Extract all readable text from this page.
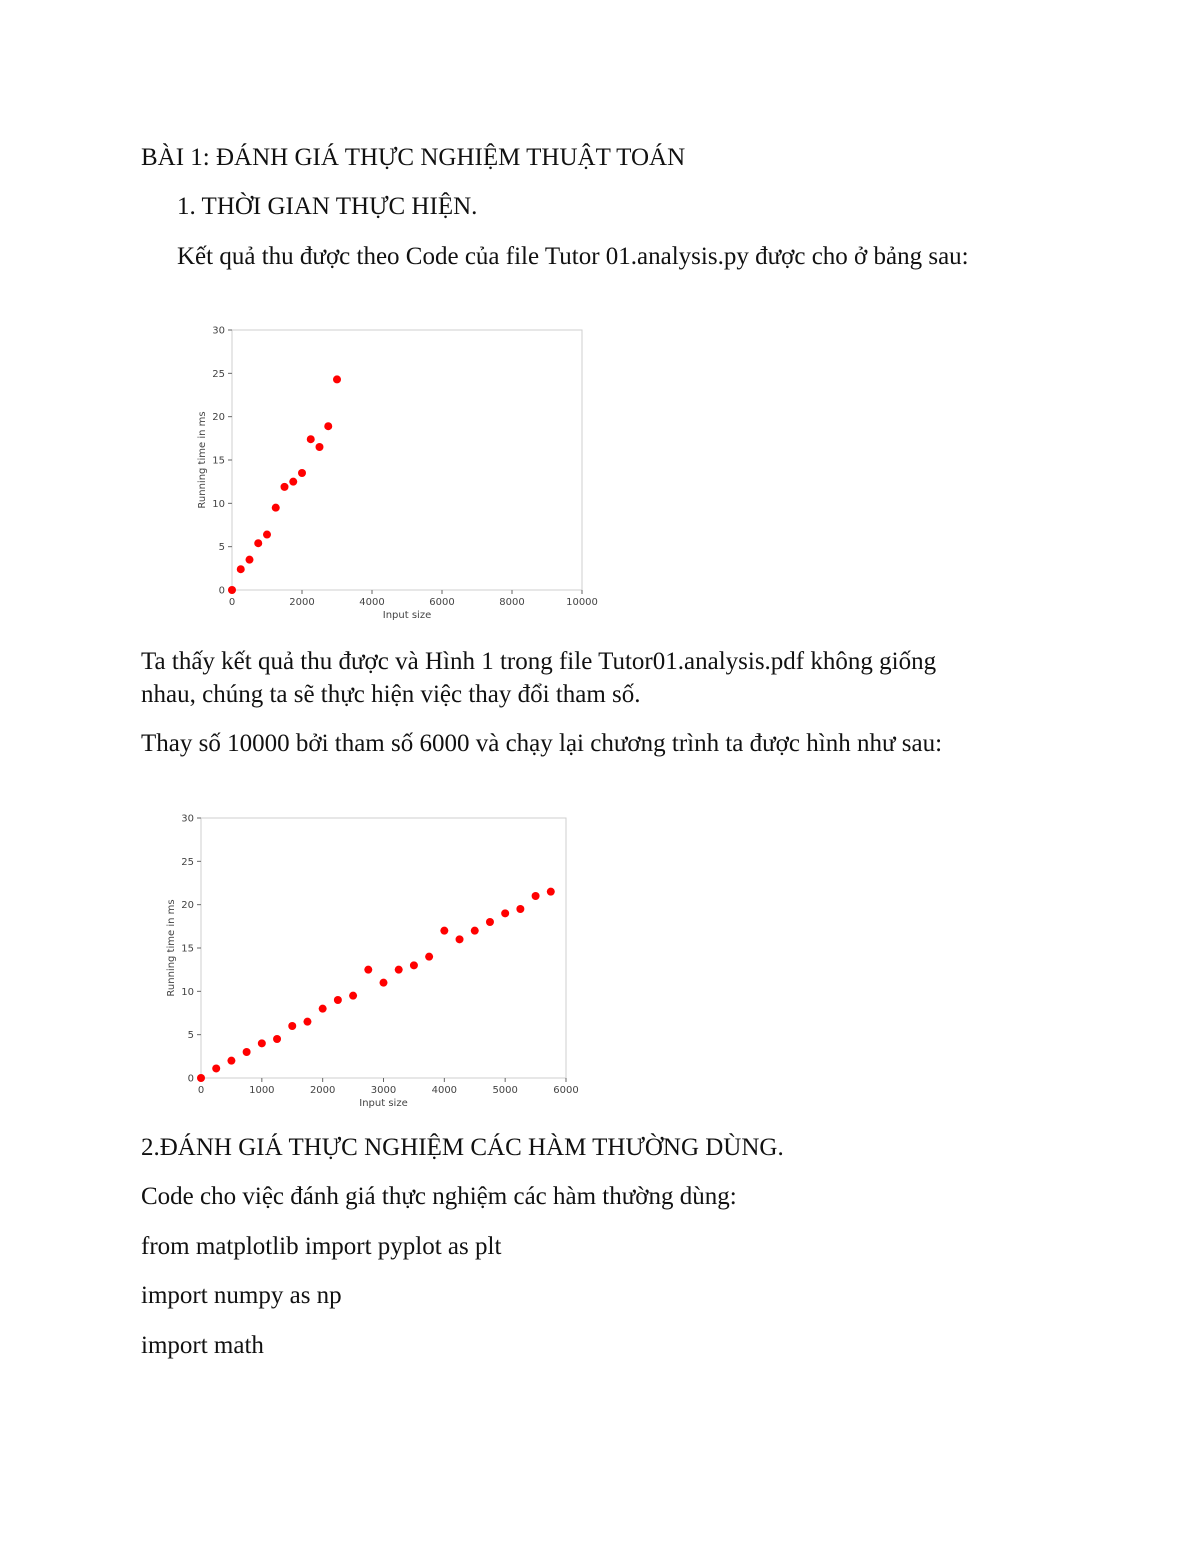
BÀI 1: ĐÁNH GIÁ THỰC NGHIỆM THUẬT TOÁN
1. THỜI GIAN THỰC HIỆN.
Kết quả thu được theo Code của file Tutor 01.analysis.py được cho ở bảng sau:
0
5
10
15
20
25
30
0	2000	4000	6000	8000	10000
Input size
Running time in ms
Ta thấy kết quả thu được và Hình 1 trong file Tutor01.analysis.pdf không giống
nhau, chúng ta sẽ thực hiện việc thay đổi tham số.
Thay số 10000 bởi tham số 6000 và chạy lại chương trình ta được hình như sau:
0
5
10
15
20
25
30
0	1000	2000	3000	4000	5000	6000
Input size
Running time in ms
2.ĐÁNH GIÁ THỰC NGHIỆM CÁC HÀM THƯỜNG DÙNG.
Code cho việc đánh giá thực nghiệm các hàm thường dùng:
from matplotlib import pyplot as plt
import numpy as np
import math
